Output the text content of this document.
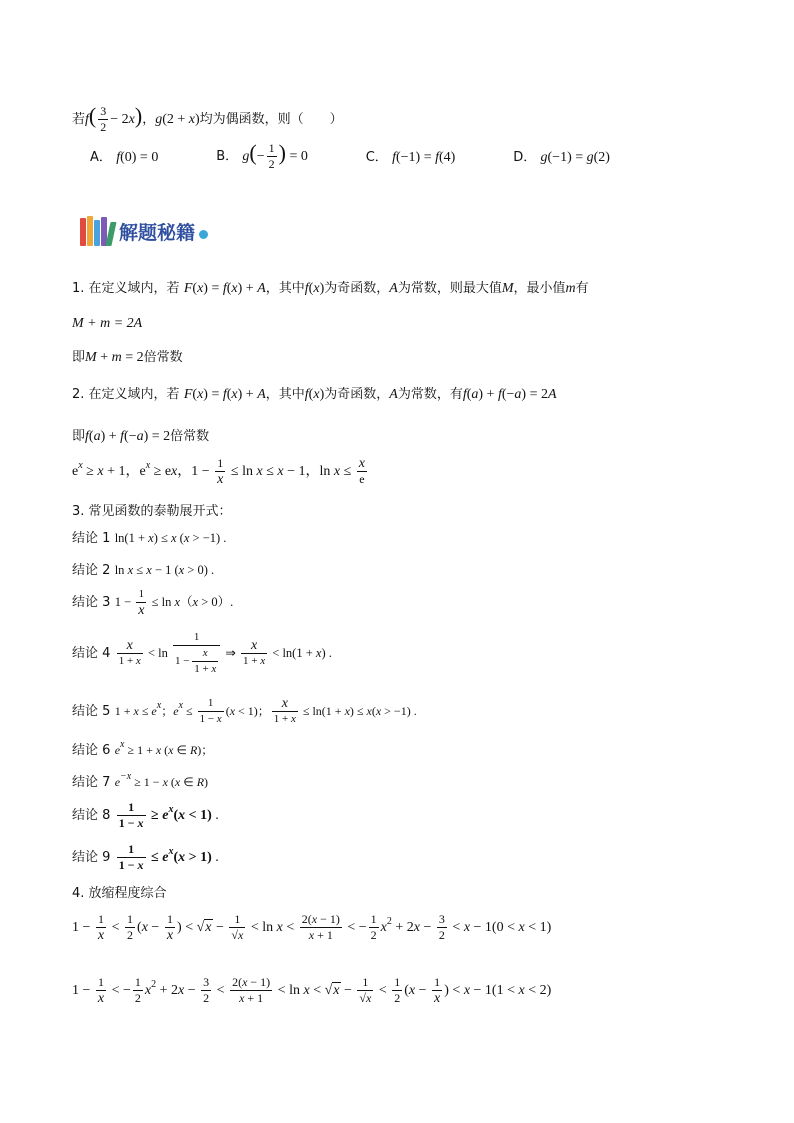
若$f( \frac{3}{2} - 2x)$，g(2 + x)均为偶函数，则（　　）
A． f(0) = 0	B． $g(- \frac{1}{2}$ ) = 0	C． f(−1) = f(4)	D． g(−1) = g(2)
解题秘籍
1. 在定义域内，若 F(x) = f(x) + A，其中f(x)为奇函数，A为常数，则最大值M，最小值m有
M + m = 2A
即M + m = 2倍常数
2. 在定义域内，若 F(x) = f(x) + A，其中f(x)为奇函数，A为常数，有f(a) + f(−a) = 2A
即f(a) + f(−a) = 2倍常数
$e^x \ge x + 1$，$e^x$ ≥ ex，$1 - \frac{1}{x} \le \ln x \le x - 1$，$\ln x \le \frac{x}{e}$
3. 常见函数的泰勒展开式：
结论 1 ln(1 + x) ≤ x (x > −1) .
结论 2 ln x ≤ x − 1 (x > 0) .
结论 3 $1 - \frac{1}{x} \le \ln x(x > 0)$.
结论 $4 \frac{x}{1 + x} < \ln \frac{1}{1 - \frac{x}{1 + x}}$ ⇒ $\frac{x}{1 + x} < \ln(1 + x)$ .
结论 5 $1 + x \le e^x$；$e^x \le \frac{1}{1 - x} (x < 1)$； $\frac{x}{1 + x} \le \ln(1 + x) \le x(x > -1)$ .
结论 6 $e^x \ge 1 + x$ (x ∈ R)；
结论 7 $e^{-x} \ge 1 - x$ (x ∈ R)
结论 $8 \frac{1}{1 - x} \ge e^x(x < 1)$ .
结论 $9 \frac{1}{1 - x} \le e^x(x > 1)$ .
4. 放缩程度综合
$1 - \frac{1}{x} < \frac{1}{2} (x - \frac{1}{x}$ ) < $√x - \frac{1}{√x} < \ln x < \frac{2(x - 1)}{x + 1}$ < − $\frac{1}{2} x^2 + 2x - \frac{3}{2} < x - 1(0 < x < 1)$
$1 - \frac{1}{x}$ < − $\frac{1}{2} x^2 + 2x - \frac{3}{2} < \frac{2(x - 1)}{x + 1} < \ln x < √x - \frac{1}{√x} < \frac{1}{2} (x - \frac{1}{x}$ ) < x − 1(1 < x < 2)
